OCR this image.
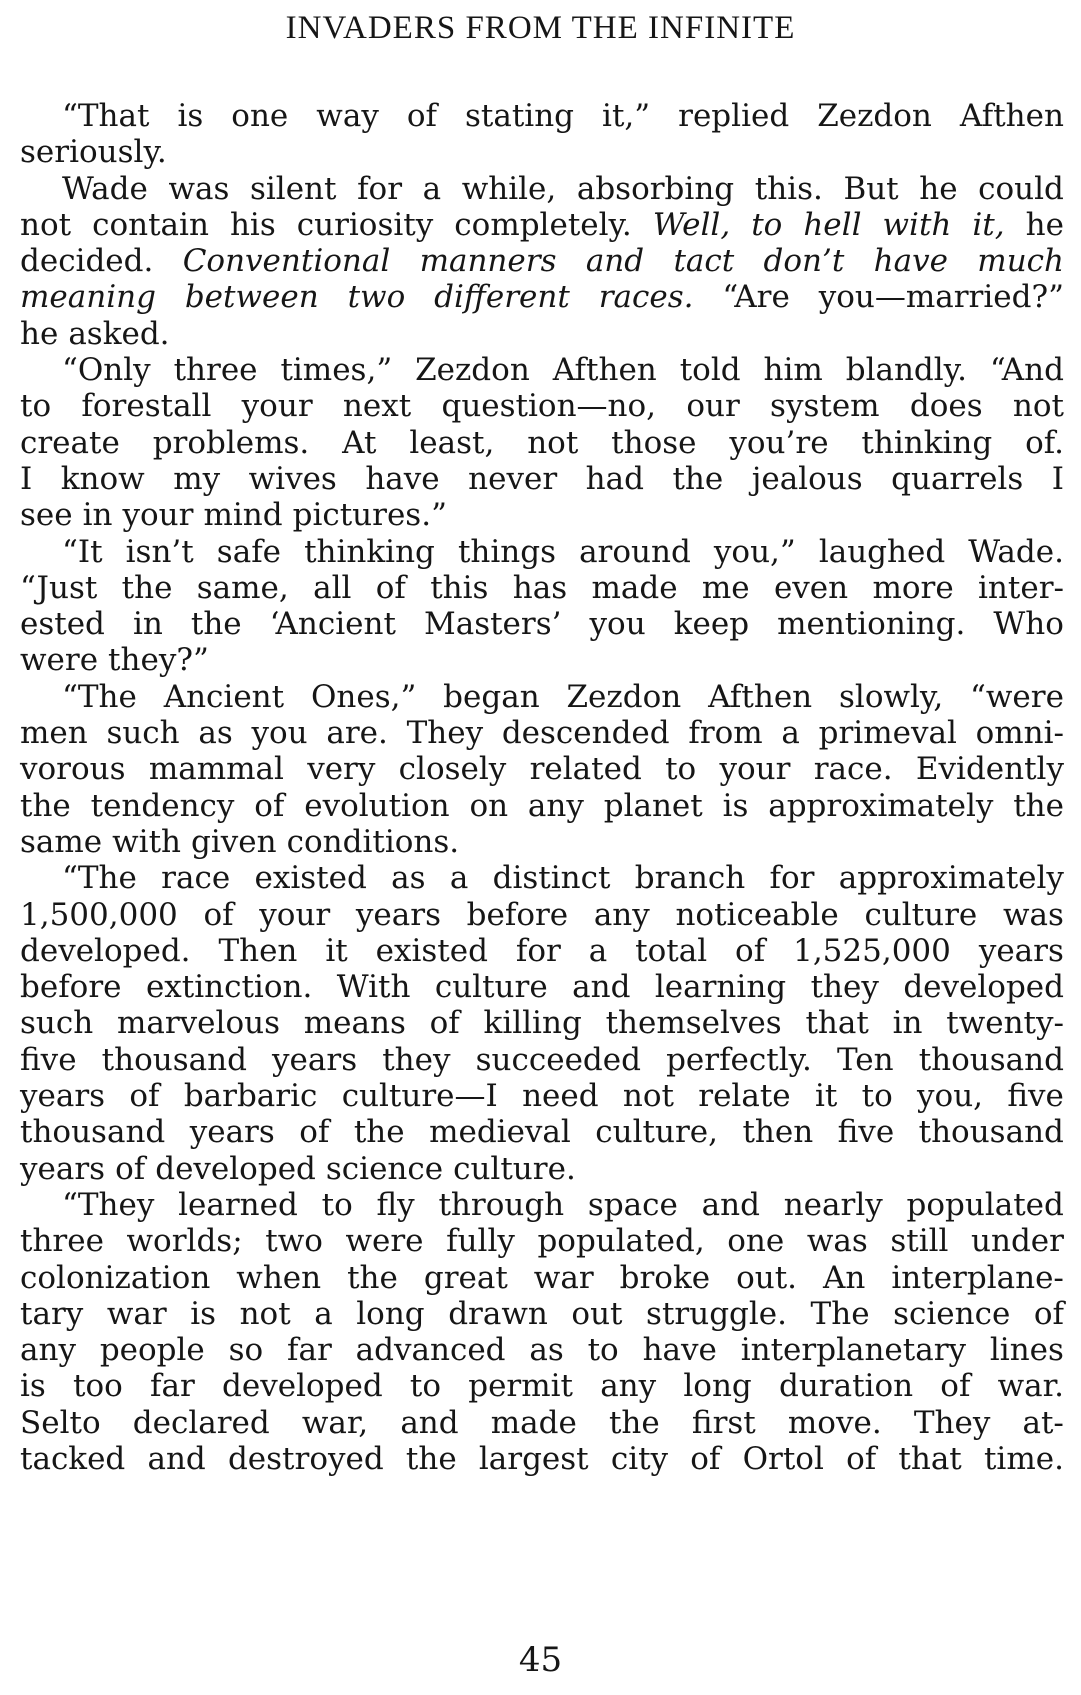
INVADERS FROM THE INFINITE
“That is one way of stating it,” replied Zezdon Afthen
seriously.
Wade was silent for a while, absorbing this. But he could
not contain his curiosity completely. Well, to hell with it, he
decided. Conventional manners and tact don’t have much
meaning between two different races. “Are you—married?”
he asked.
“Only three times,” Zezdon Afthen told him blandly. “And
to forestall your next question—no, our system does not
create problems. At least, not those you’re thinking of.
I know my wives have never had the jealous quarrels I
see in your mind pictures.”
“It isn’t safe thinking things around you,” laughed Wade.
“Just the same, all of this has made me even more inter-
ested in the ‘Ancient Masters’ you keep mentioning. Who
were they?”
“The Ancient Ones,” began Zezdon Afthen slowly, “were
men such as you are. They descended from a primeval omni-
vorous mammal very closely related to your race. Evidently
the tendency of evolution on any planet is approximately the
same with given conditions.
“The race existed as a distinct branch for approximately
1,500,000 of your years before any noticeable culture was
developed. Then it existed for a total of 1,525,000 years
before extinction. With culture and learning they developed
such marvelous means of killing themselves that in twenty-
five thousand years they succeeded perfectly. Ten thousand
years of barbaric culture—I need not relate it to you, five
thousand years of the medieval culture, then five thousand
years of developed science culture.
“They learned to fly through space and nearly populated
three worlds; two were fully populated, one was still under
colonization when the great war broke out. An interplane-
tary war is not a long drawn out struggle. The science of
any people so far advanced as to have interplanetary lines
is too far developed to permit any long duration of war.
Selto declared war, and made the first move. They at-
tacked and destroyed the largest city of Ortol of that time.
45
